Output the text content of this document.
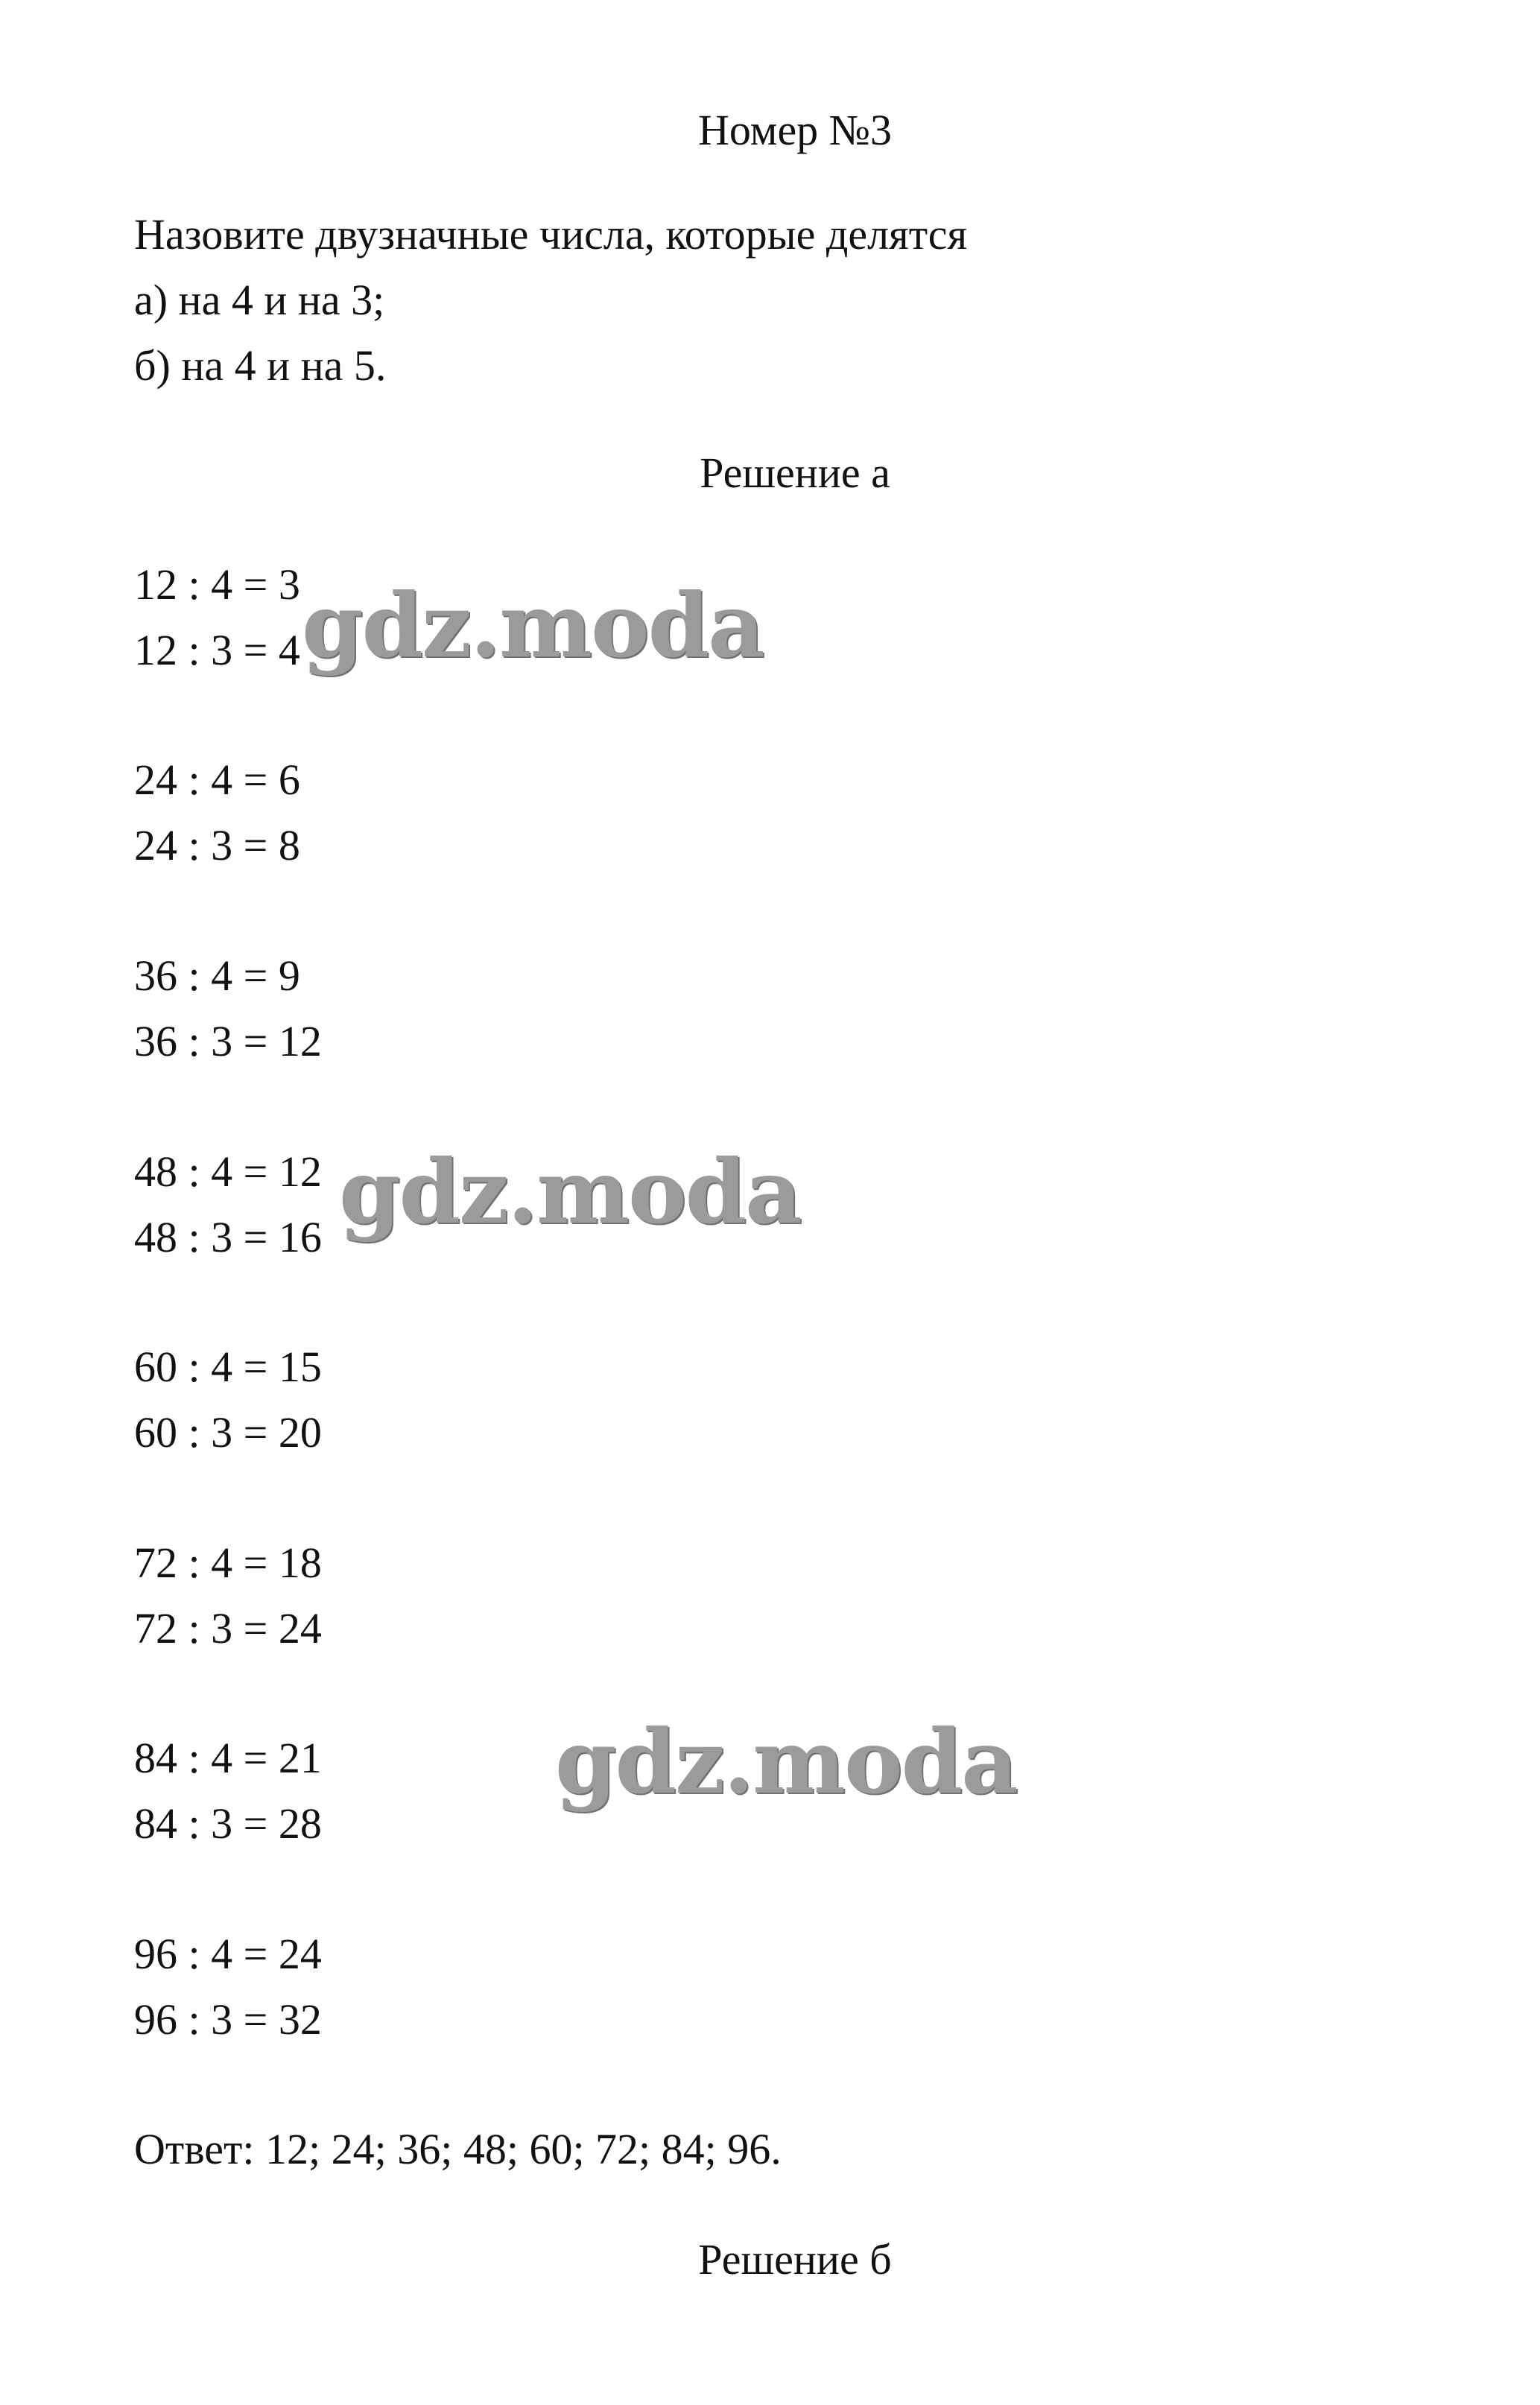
Номер №3
Назовите двузначные числа, которые делятся
а) на 4 и на 3;
б) на 4 и на 5.
Решение а
12 : 4 = 3
12 : 3 = 4
24 : 4 = 6
24 : 3 = 8
36 : 4 = 9
36 : 3 = 12
48 : 4 = 12
48 : 3 = 16
60 : 4 = 15
60 : 3 = 20
72 : 4 = 18
72 : 3 = 24
84 : 4 = 21
84 : 3 = 28
96 : 4 = 24
96 : 3 = 32
Ответ: 12; 24; 36; 48; 60; 72; 84; 96.
Решение б
gdz.moda
gdz.moda
gdz.moda
